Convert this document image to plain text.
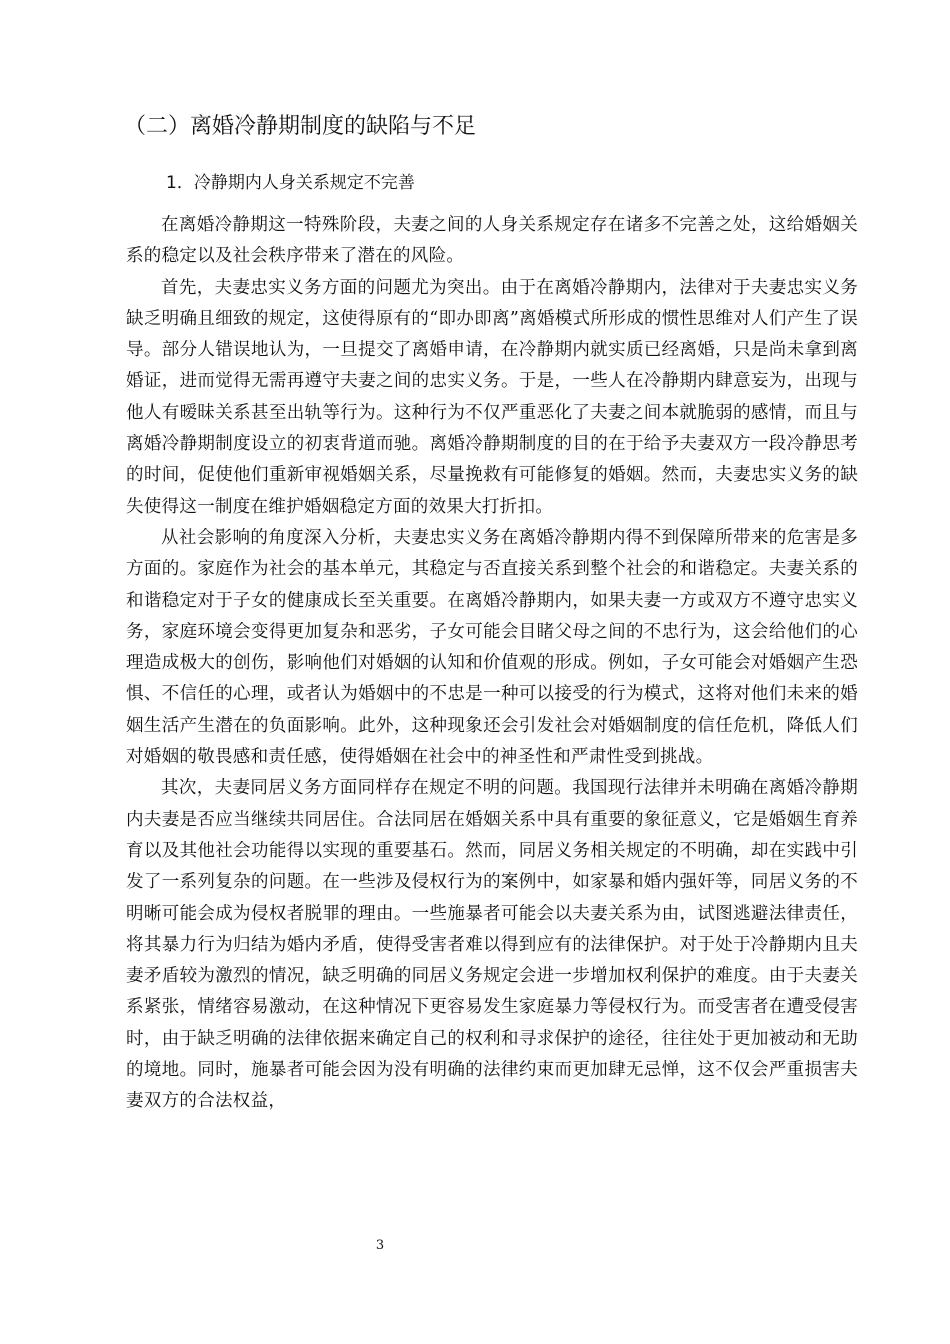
（二）离婚冷静期制度的缺陷与不足
1．冷静期内人身关系规定不完善

在离婚冷静期这一特殊阶段，夫妻之间的人身关系规定存在诸多不完善之处，这给婚姻关系的稳定以及社会秩序带来了潜在的风险。

首先，夫妻忠实义务方面的问题尤为突出。由于在离婚冷静期内，法律对于夫妻忠实义务缺乏明确且细致的规定，这使得原有的“即办即离”离婚模式所形成的惯性思维对人们产生了误导。部分人错误地认为，一旦提交了离婚申请，在冷静期内就实质已经离婚，只是尚未拿到离婚证，进而觉得无需再遵守夫妻之间的忠实义务。于是，一些人在冷静期内肆意妄为，出现与他人有暧昧关系甚至出轨等行为。这种行为不仅严重恶化了夫妻之间本就脆弱的感情，而且与离婚冷静期制度设立的初衷背道而驰。离婚冷静期制度的目的在于给予夫妻双方一段冷静思考的时间，促使他们重新审视婚姻关系，尽量挽救有可能修复的婚姻。然而，夫妻忠实义务的缺失使得这一制度在维护婚姻稳定方面的效果大打折扣。

从社会影响的角度深入分析，夫妻忠实义务在离婚冷静期内得不到保障所带来的危害是多方面的。家庭作为社会的基本单元，其稳定与否直接关系到整个社会的和谐稳定。夫妻关系的和谐稳定对于子女的健康成长至关重要。在离婚冷静期内，如果夫妻一方或双方不遵守忠实义务，家庭环境会变得更加复杂和恶劣，子女可能会目睹父母之间的不忠行为，这会给他们的心理造成极大的创伤，影响他们对婚姻的认知和价值观的形成。例如，子女可能会对婚姻产生恐惧、不信任的心理，或者认为婚姻中的不忠是一种可以接受的行为模式，这将对他们未来的婚姻生活产生潜在的负面影响。此外，这种现象还会引发社会对婚姻制度的信任危机，降低人们对婚姻的敬畏感和责任感，使得婚姻在社会中的神圣性和严肃性受到挑战。

其次，夫妻同居义务方面同样存在规定不明的问题。我国现行法律并未明确在离婚冷静期内夫妻是否应当继续共同居住。合法同居在婚姻关系中具有重要的象征意义，它是婚姻生育养育以及其他社会功能得以实现的重要基石。然而，同居义务相关规定的不明确，却在实践中引发了一系列复杂的问题。在一些涉及侵权行为的案例中，如家暴和婚内强奸等，同居义务的不明晰可能会成为侵权者脱罪的理由。一些施暴者可能会以夫妻关系为由，试图逃避法律责任，将其暴力行为归结为婚内矛盾，使得受害者难以得到应有的法律保护。对于处于冷静期内且夫妻矛盾较为激烈的情况，缺乏明确的同居义务规定会进一步增加权利保护的难度。由于夫妻关系紧张，情绪容易激动，在这种情况下更容易发生家庭暴力等侵权行为。而受害者在遭受侵害时，由于缺乏明确的法律依据来确定自己的权利和寻求保护的途径，往往处于更加被动和无助的境地。同时，施暴者可能会因为没有明确的法律约束而更加肆无忌惮，这不仅会严重损害夫妻双方的合法权益，

3
